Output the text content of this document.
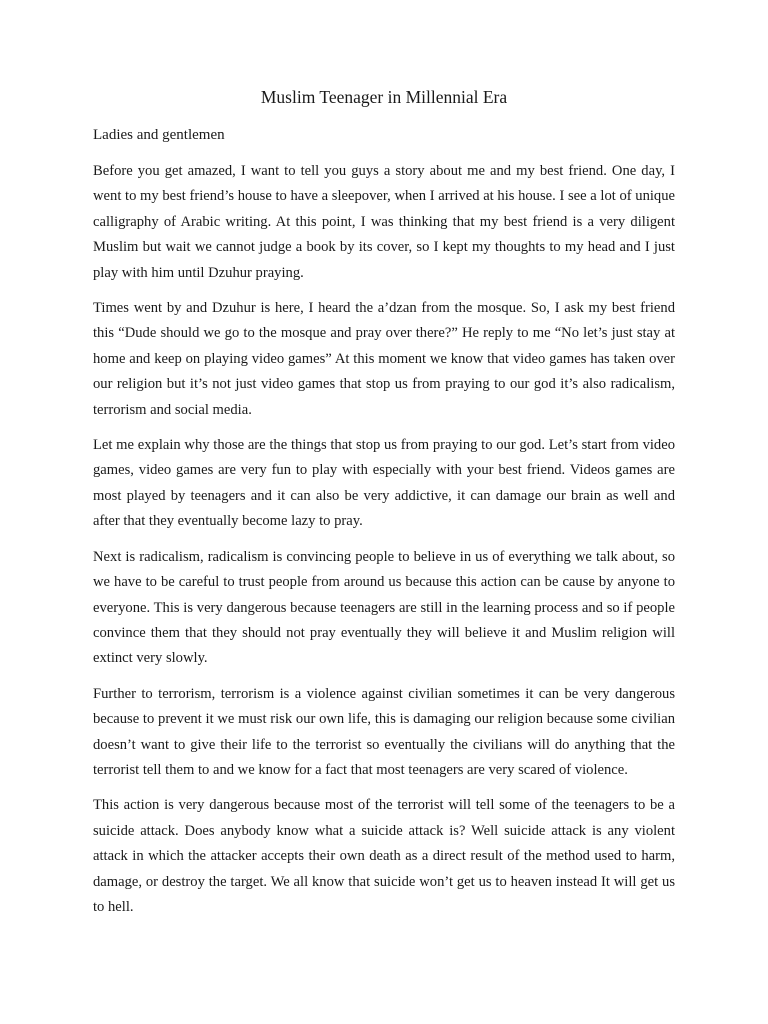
Muslim Teenager in Millennial Era

Ladies and gentlemen

Before you get amazed, I want to tell you guys a story about me and my best friend. One day, I went to my best friend’s house to have a sleepover, when I arrived at his house. I see a lot of unique calligraphy of Arabic writing. At this point, I was thinking that my best friend is a very diligent Muslim but wait we cannot judge a book by its cover, so I kept my thoughts to my head and I just play with him until Dzuhur praying.

Times went by and Dzuhur is here, I heard the a’dzan from the mosque. So, I ask my best friend this “Dude should we go to the mosque and pray over there?” He reply to me “No let’s just stay at home and keep on playing video games” At this moment we know that video games has taken over our religion but it’s not just video games that stop us from praying to our god it’s also radicalism, terrorism and social media.

Let me explain why those are the things that stop us from praying to our god. Let’s start from video games, video games are very fun to play with especially with your best friend. Videos games are most played by teenagers and it can also be very addictive, it can damage our brain as well and after that they eventually become lazy to pray.

Next is radicalism, radicalism is convincing people to believe in us of everything we talk about, so we have to be careful to trust people from around us because this action can be cause by anyone to everyone. This is very dangerous because teenagers are still in the learning process and so if people convince them that they should not pray eventually they will believe it and Muslim religion will extinct very slowly.

Further to terrorism, terrorism is a violence against civilian sometimes it can be very dangerous because to prevent it we must risk our own life, this is damaging our religion because some civilian doesn’t want to give their life to the terrorist so eventually the civilians will do anything that the terrorist tell them to and we know for a fact that most teenagers are very scared of violence.

This action is very dangerous because most of the terrorist will tell some of the teenagers to be a suicide attack. Does anybody know what a suicide attack is? Well suicide attack is any violent attack in which the attacker accepts their own death as a direct result of the method used to harm, damage, or destroy the target. We all know that suicide won’t get us to heaven instead It will get us to hell.
